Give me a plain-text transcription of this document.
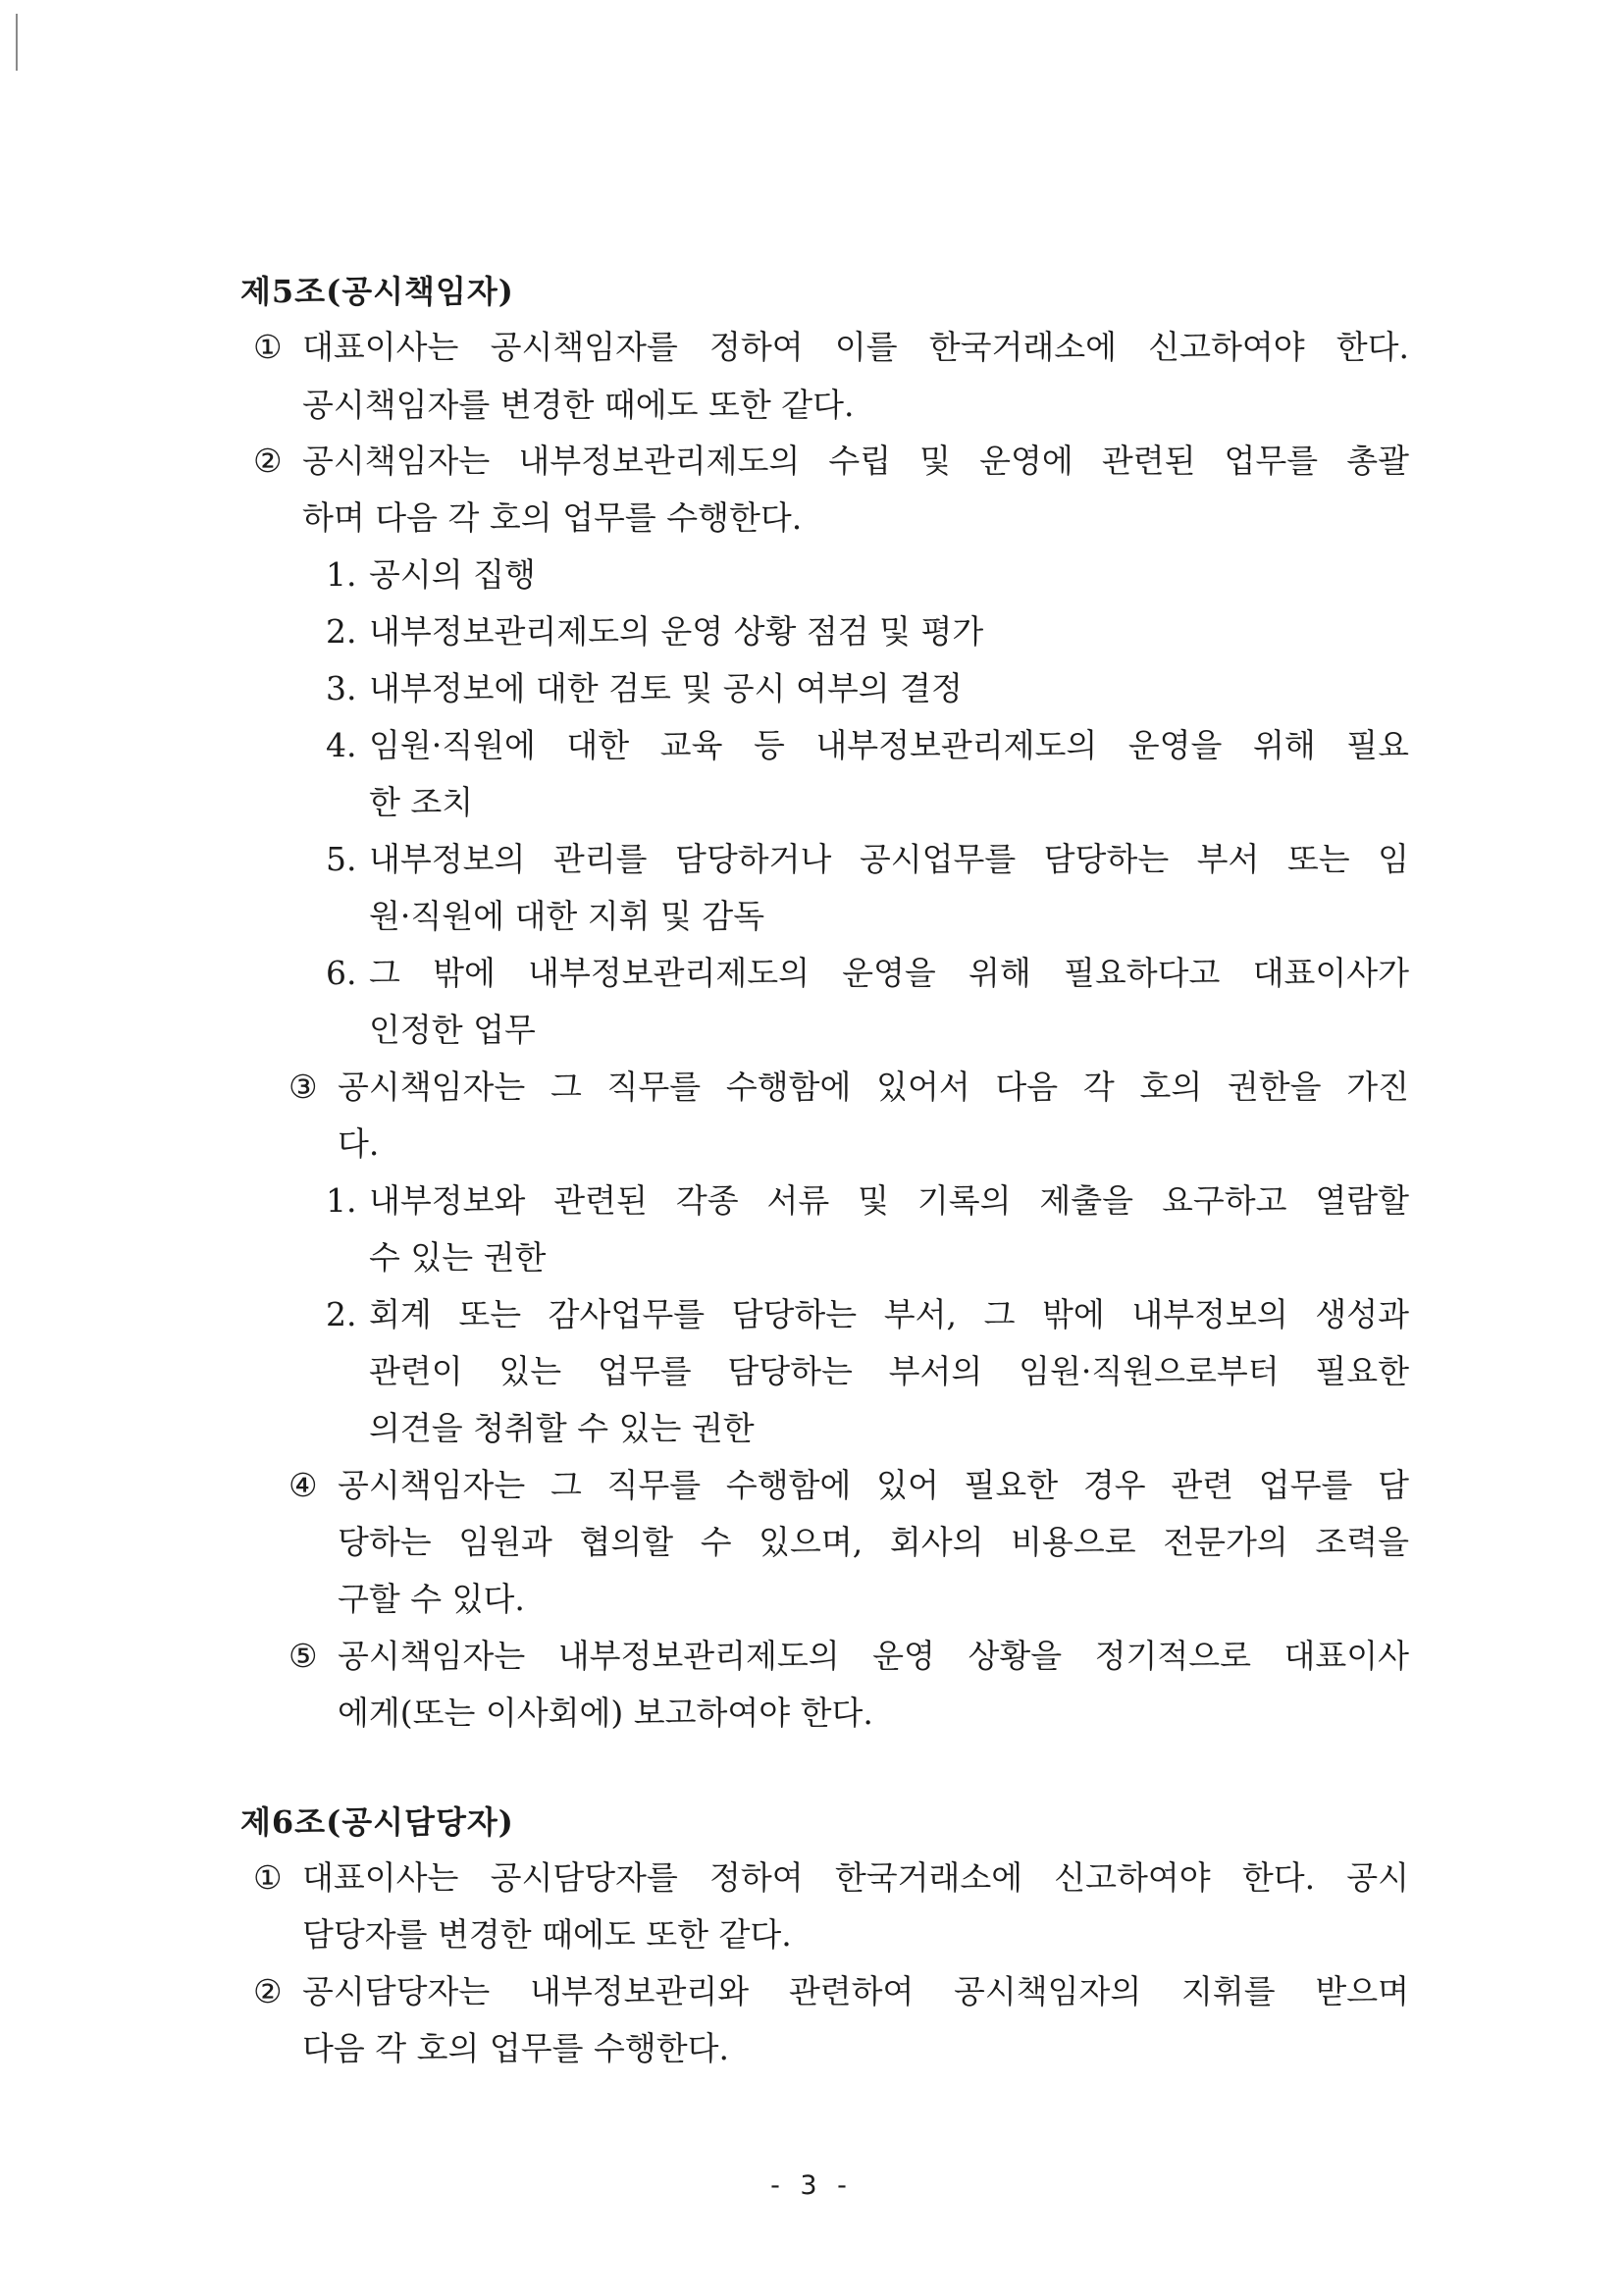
제5조(공시책임자)
① 대표이사는 공시책임자를 정하여 이를 한국거래소에 신고하여야 한다.
공시책임자를 변경한 때에도 또한 같다.
② 공시책임자는 내부정보관리제도의 수립 및 운영에 관련된 업무를 총괄
하며 다음 각 호의 업무를 수행한다.
1. 공시의 집행
2. 내부정보관리제도의 운영 상황 점검 및 평가
3. 내부정보에 대한 검토 및 공시 여부의 결정
4. 임원·직원에 대한 교육 등 내부정보관리제도의 운영을 위해 필요
한 조치
5. 내부정보의 관리를 담당하거나 공시업무를 담당하는 부서 또는 임
원·직원에 대한 지휘 및 감독
6. 그 밖에 내부정보관리제도의 운영을 위해 필요하다고 대표이사가
인정한 업무
③ 공시책임자는 그 직무를 수행함에 있어서 다음 각 호의 권한을 가진
다.
1. 내부정보와 관련된 각종 서류 및 기록의 제출을 요구하고 열람할
수 있는 권한
2. 회계 또는 감사업무를 담당하는 부서, 그 밖에 내부정보의 생성과
관련이 있는 업무를 담당하는 부서의 임원·직원으로부터 필요한
의견을 청취할 수 있는 권한
④ 공시책임자는 그 직무를 수행함에 있어 필요한 경우 관련 업무를 담
당하는 임원과 협의할 수 있으며, 회사의 비용으로 전문가의 조력을
구할 수 있다.
⑤ 공시책임자는 내부정보관리제도의 운영 상황을 정기적으로 대표이사
에게(또는 이사회에) 보고하여야 한다.
제6조(공시담당자)
① 대표이사는 공시담당자를 정하여 한국거래소에 신고하여야 한다. 공시
담당자를 변경한 때에도 또한 같다.
② 공시담당자는 내부정보관리와 관련하여 공시책임자의 지휘를 받으며
다음 각 호의 업무를 수행한다.
- 3 -
